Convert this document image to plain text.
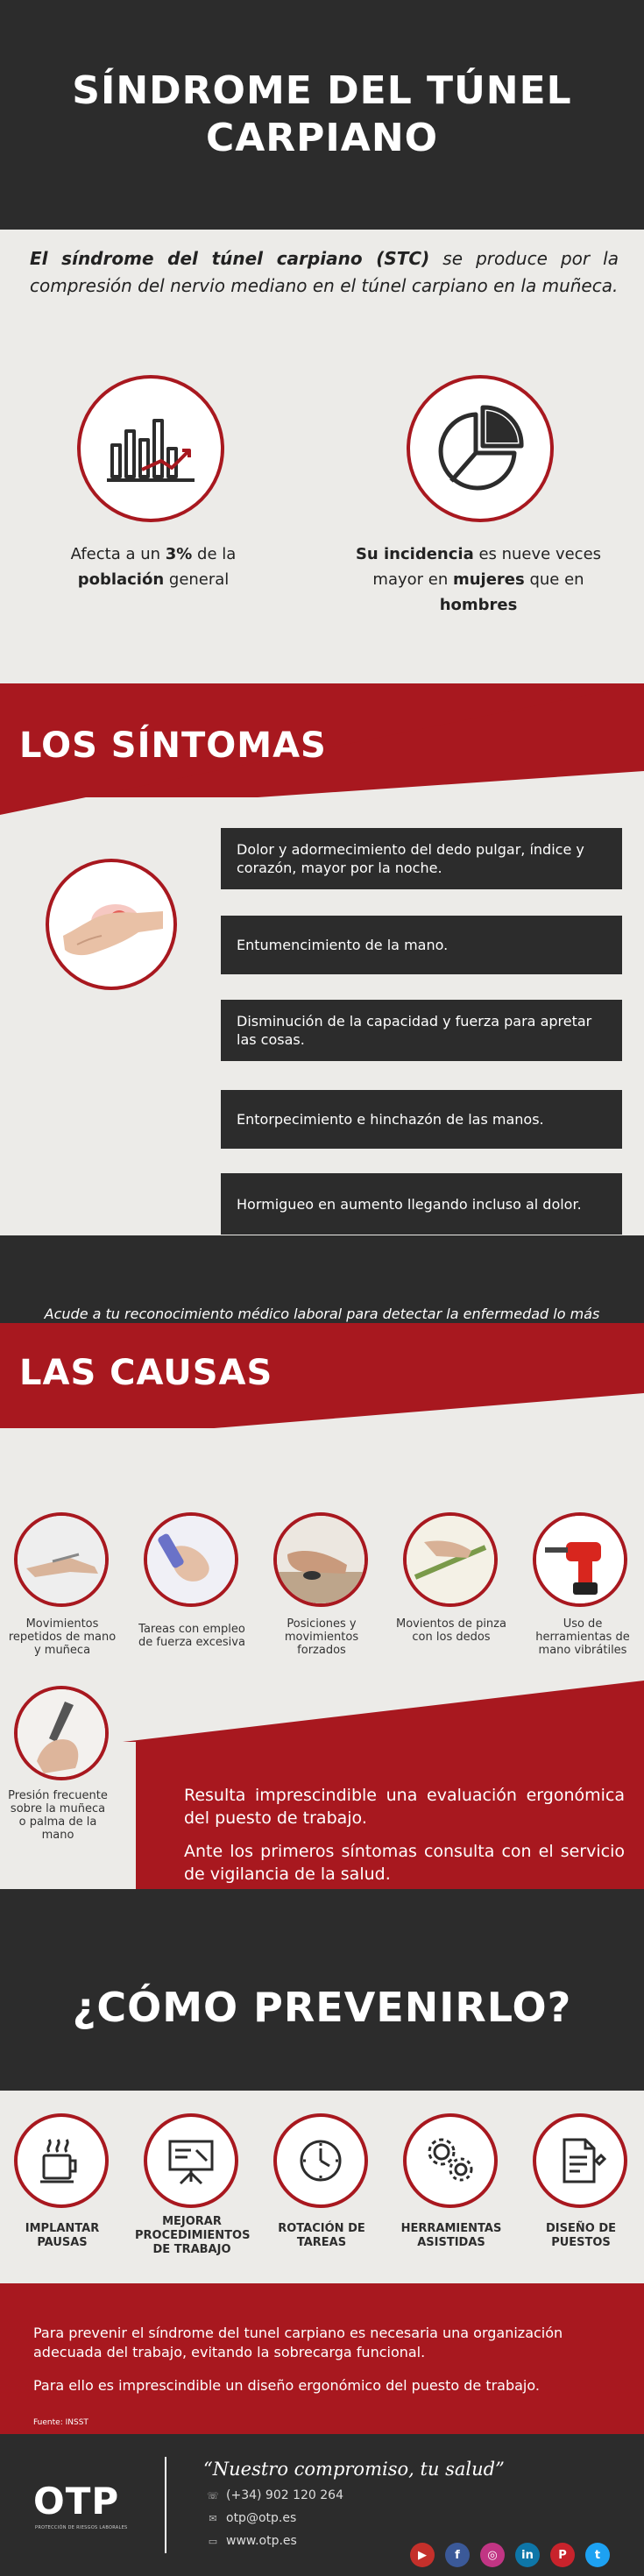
SÍNDROME DEL TÚNEL CARPIANO

El síndrome del túnel carpiano (STC) se produce por la compresión del nervio mediano en el túnel carpiano en la muñeca.

Afecta a un 3% de la
población general

Su incidencia es nueve veces mayor en mujeres que en
hombres

LOS SÍNTOMAS
Dolor y adormecimiento del dedo pulgar, índice y corazón, mayor por la noche.
Entumencimiento de la mano.
Disminución de la capacidad y fuerza para apretar las cosas.
Entorpecimiento e hinchazón de las manos.
Hormigueo en aumento llegando incluso al dolor.

Acude a tu reconocimiento médico laboral para detectar la enfermedad lo más

LAS CAUSAS

Movimientos repetidos de mano y muñeca

Tareas con empleo de fuerza excesiva

Posiciones y movimientos forzados

Movientos de pinza con los dedos

Uso de herramientas de mano vibrátiles

Presión frecuente sobre la muñeca o palma de la mano

Resulta imprescindible una evaluación ergonómica del puesto de trabajo.

Ante los primeros síntomas consulta con el servicio de vigilancia de la salud.

¿CÓMO PREVENIRLO?

IMPLANTAR PAUSAS

MEJORAR PROCEDIMIENTOS DE TRABAJO

ROTACIÓN DE TAREAS

HERRAMIENTAS ASISTIDAS

DISEÑO DE PUESTOS

Para prevenir el síndrome del tunel carpiano es necesaria una organización adecuada del trabajo, evitando la sobrecarga funcional.

Para ello es imprescindible un diseño ergonómico del puesto de trabajo.

Fuente: INSST

OTP
PROTECCIÓN DE RIESGOS LABORALES
“Nuestro compromiso, tu salud”
☏ (+34) 902 120 264
✉ otp@otp.es
▭ www.otp.es
▶	f	◎	in	P	t
